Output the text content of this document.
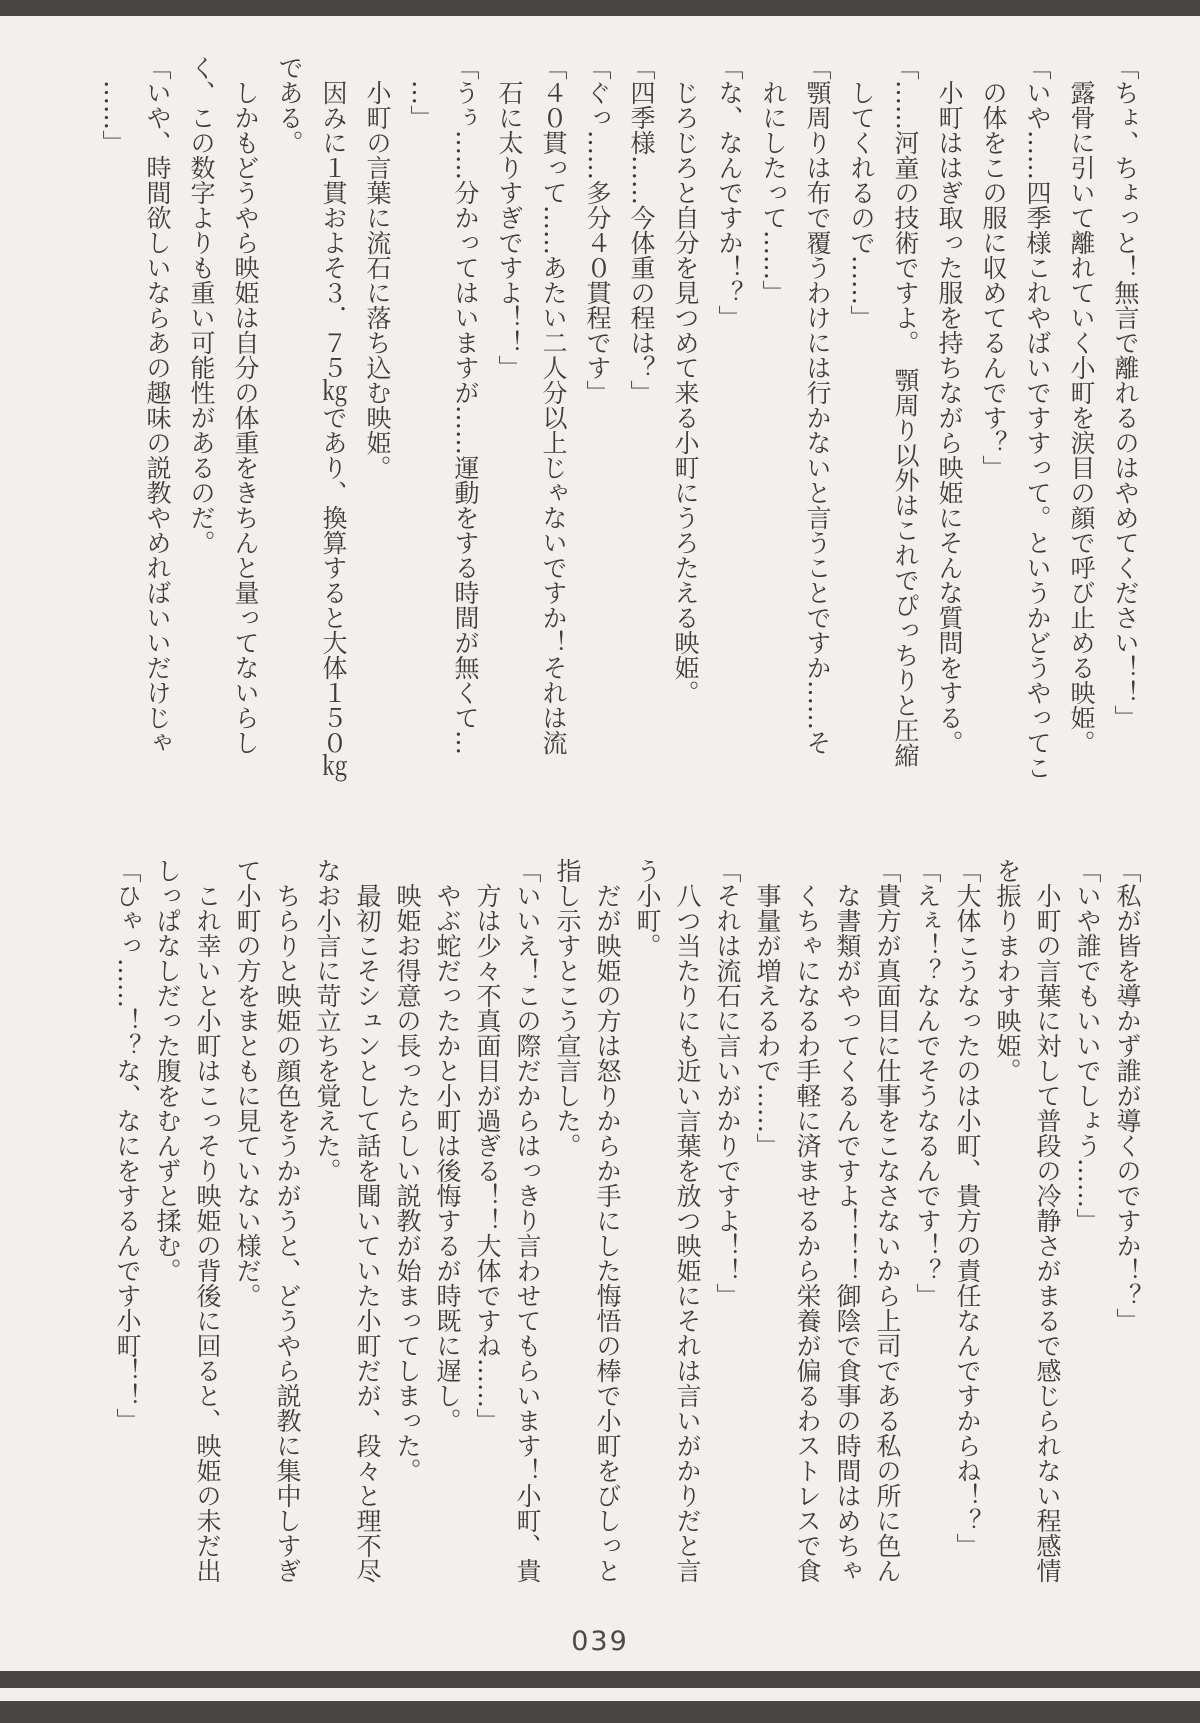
「ちょ、ちょっと！無言で離れるのはやめてください！！」

露骨に引いて離れていく小町を涙目の顔で呼び止める映姫。

「いや……四季様これやばいですすって。というかどうやってこ

の体をこの服に収めてるんです？」

小町ははぎ取った服を持ちながら映姫にそんな質問をする。

「……河童の技術ですよ。　顎周り以外はこれでぴっちりと圧縮

してくれるので……」

「顎周りは布で覆うわけには行かないと言うことですか……そ

れにしたって……」

「な、なんですか！？」

じろじろと自分を見つめて来る小町にうろたえる映姫。

「四季様……今体重の程は？」

「ぐっ……多分４０貫程です」

「４０貫って……あたい二人分以上じゃないですか！それは流

石に太りすぎですよ！！」

「うぅ……分かってはいますが……運動をする時間が無くて…

…」

小町の言葉に流石に落ち込む映姫。

因みに１貫およそ３．７５㎏であり、換算すると大体１５０㎏

である。

しかもどうやら映姫は自分の体重をきちんと量ってないらし

く、この数字よりも重い可能性があるのだ。

「いや、時間欲しいならあの趣味の説教やめればいいだけじゃ

……」

「私が皆を導かず誰が導くのですか！？」

「いや誰でもいいでしょう……」

小町の言葉に対して普段の冷静さがまるで感じられない程感情

を振りまわす映姫。

「大体こうなったのは小町、貴方の責任なんですからね！？」

「えぇ！？なんでそうなるんです！？」

「貴方が真面目に仕事をこなさないから上司である私の所に色ん

な書類がやってくるんですよ！！！御陰で食事の時間はめちゃ

くちゃになるわ手軽に済ませるから栄養が偏るわストレスで食

事量が増えるわで……」

「それは流石に言いがかりですよ！！」

八つ当たりにも近い言葉を放つ映姫にそれは言いがかりだと言

う小町。

だが映姫の方は怒りからか手にした悔悟の棒で小町をびしっと

指し示すとこう宣言した。

「いいえ！この際だからはっきり言わせてもらいます！小町、貴

方は少々不真面目が過ぎる！！大体ですね……」

やぶ蛇だったかと小町は後悔するが時既に遅し。

映姫お得意の長ったらしい説教が始まってしまった。

最初こそシュンとして話を聞いていた小町だが、段々と理不尽

なお小言に苛立ちを覚えた。

ちらりと映姫の顔色をうかがうと、どうやら説教に集中しすぎ

て小町の方をまともに見ていない様だ。

これ幸いと小町はこっそり映姫の背後に回ると、映姫の未だ出

しっぱなしだった腹をむんずと揉む。

「ひゃっ……！？な、なにをするんです小町！！」

039
